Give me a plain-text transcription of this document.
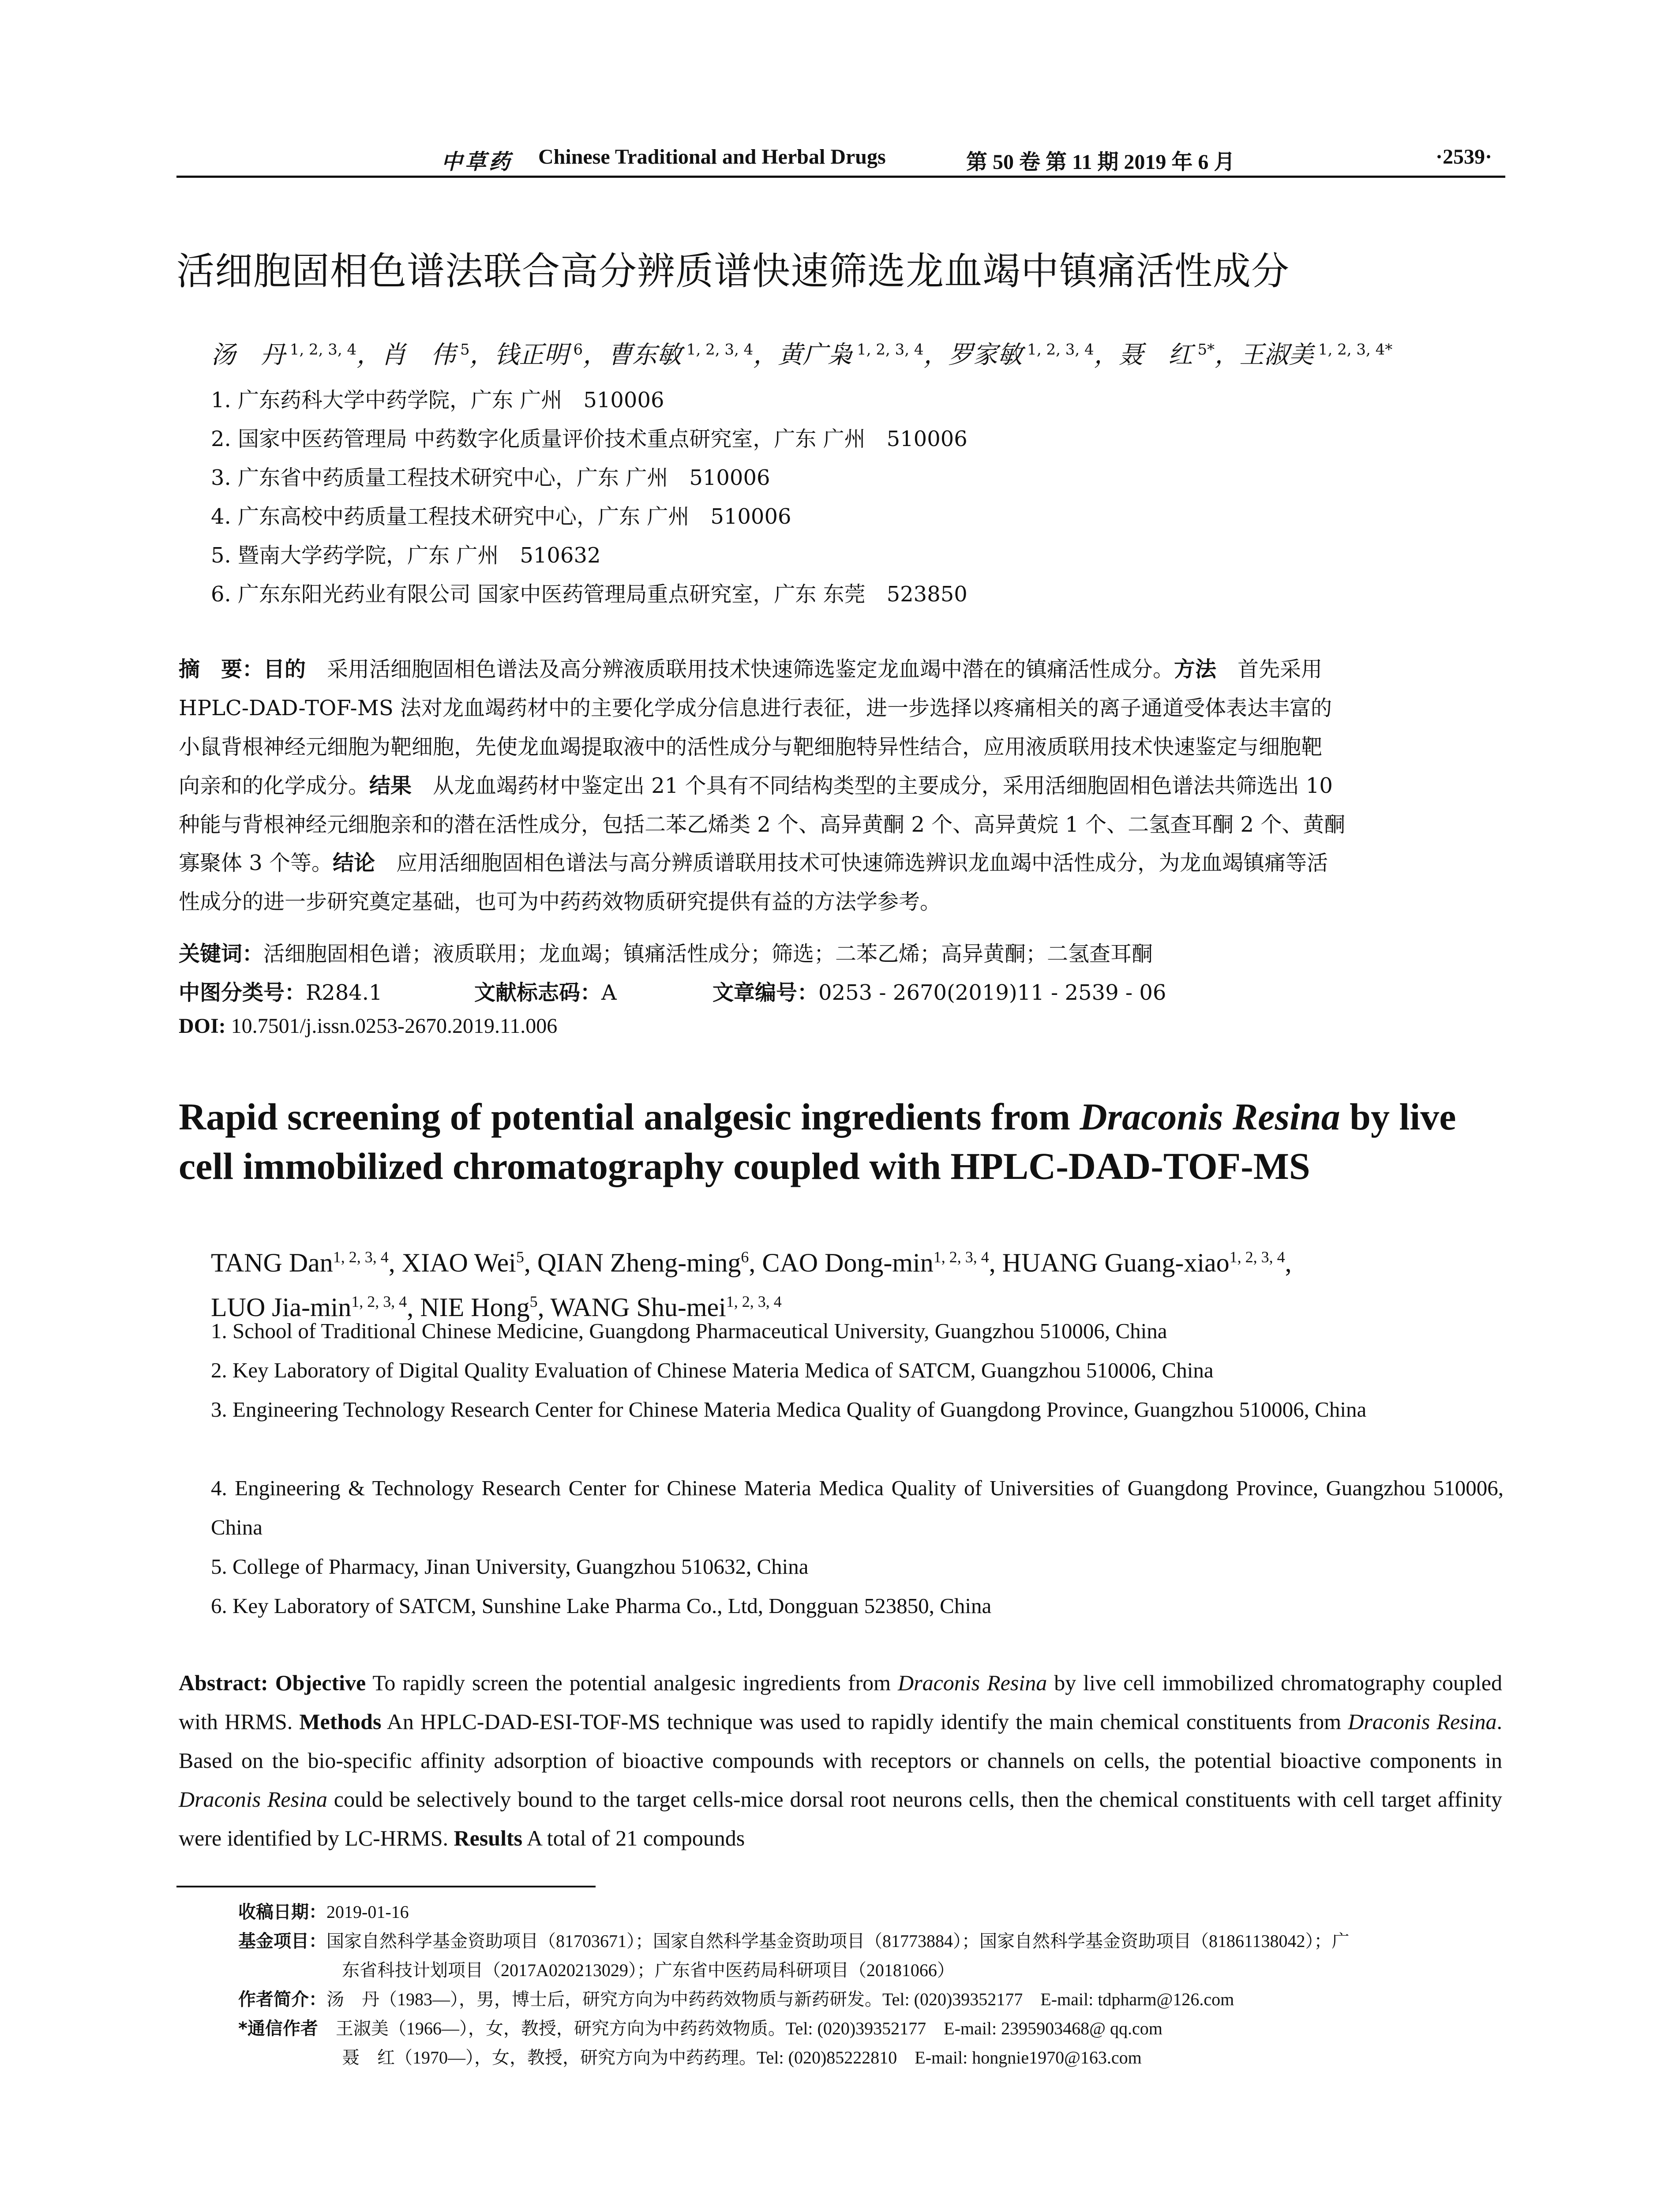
中草药 Chinese Traditional and Herbal Drugs	第 50 卷 第 11 期 2019 年 6 月	·2539·
活细胞固相色谱法联合高分辨质谱快速筛选龙血竭中镇痛活性成分
汤　丹 $^{1, 2, 3, 4}$，肖　伟 $^5$，钱正明 $^6$，曹东敏 $^{1, 2, 3, 4}$，黄广枭 $^{1, 2, 3, 4}$，罗家敏 $^{1, 2, 3, 4}$，聂　红 $^{5*}$，王淑美 $^{1, 2, 3, 4*}$
1. 广东药科大学中药学院，广东 广州　510006
2. 国家中医药管理局 中药数字化质量评价技术重点研究室，广东 广州　510006
3. 广东省中药质量工程技术研究中心，广东 广州　510006
4. 广东高校中药质量工程技术研究中心，广东 广州　510006
5. 暨南大学药学院，广东 广州　510632
6. 广东东阳光药业有限公司 国家中医药管理局重点研究室，广东 东莞　523850
摘　要：目的　采用活细胞固相色谱法及高分辨液质联用技术快速筛选鉴定龙血竭中潜在的镇痛活性成分。方法　首先采用
HPLC-DAD-TOF-MS 法对龙血竭药材中的主要化学成分信息进行表征，进一步选择以疼痛相关的离子通道受体表达丰富的
小鼠背根神经元细胞为靶细胞，先使龙血竭提取液中的活性成分与靶细胞特异性结合，应用液质联用技术快速鉴定与细胞靶
向亲和的化学成分。结果　从龙血竭药材中鉴定出 21 个具有不同结构类型的主要成分，采用活细胞固相色谱法共筛选出 10
种能与背根神经元细胞亲和的潜在活性成分，包括二苯乙烯类 2 个、高异黄酮 2 个、高异黄烷 1 个、二氢查耳酮 2 个、黄酮
寡聚体 3 个等。结论　应用活细胞固相色谱法与高分辨质谱联用技术可快速筛选辨识龙血竭中活性成分，为龙血竭镇痛等活
性成分的进一步研究奠定基础，也可为中药药效物质研究提供有益的方法学参考。
关键词：活细胞固相色谱；液质联用；龙血竭；镇痛活性成分；筛选；二苯乙烯；高异黄酮；二氢查耳酮
中图分类号：R284.1	文献标志码：A	文章编号：0253 - 2670(2019)11 - 2539 - 06
DOI: 10.7501/j.issn.0253-2670.2019.11.006
Rapid screening of potential analgesic ingredients from Draconis Resina by live cell immobilized chromatography coupled with HPLC-DAD-TOF-MS
TANG Dan$^{1, 2, 3, 4}$, XIAO Wei$^5$, QIAN Zheng-ming$^6$, CAO Dong-$\min^{1, 2, 3, 4}$, HUANG Guang-xiao$^{1, 2, 3, 4}$,
LUO Jia-$\min^{1, 2, 3, 4}$, NIE Hong$^5$, WANG Shu-mei$^{1, 2, 3, 4}$
1. School of Traditional Chinese Medicine, Guangdong Pharmaceutical University, Guangzhou 510006, China
2. Key Laboratory of Digital Quality Evaluation of Chinese Materia Medica of SATCM, Guangzhou 510006, China
3. Engineering Technology Research Center for Chinese Materia Medica Quality of Guangdong Province, Guangzhou 510006, China
4. Engineering & Technology Research Center for Chinese Materia Medica Quality of Universities of Guangdong Province, Guangzhou 510006, China
5. College of Pharmacy, Jinan University, Guangzhou 510632, China
6. Key Laboratory of SATCM, Sunshine Lake Pharma Co., Ltd, Dongguan 523850, China
Abstract: Objective To rapidly screen the potential analgesic ingredients from Draconis Resina by live cell immobilized chromatography coupled with HRMS. Methods An HPLC-DAD-ESI-TOF-MS technique was used to rapidly identify the main chemical constituents from Draconis Resina. Based on the bio-specific affinity adsorption of bioactive compounds with receptors or channels on cells, the potential bioactive components in Draconis Resina could be selectively bound to the target cells-mice dorsal root neurons cells, then the chemical constituents with cell target affinity were identified by LC-HRMS. Results A total of 21 compounds
收稿日期：2019-01-16
基金项目：国家自然科学基金资助项目（81703671）；国家自然科学基金资助项目（81773884）；国家自然科学基金资助项目（81861138042）；广
东省科技计划项目（2017A020213029）；广东省中医药局科研项目（20181066）
作者简介：汤　丹（1983—），男，博士后，研究方向为中药药效物质与新药研发。Tel: (020)39352177　E-mail: tdpharm@126.com
*通信作者　王淑美（1966—），女，教授，研究方向为中药药效物质。Tel: (020)39352177　E-mail: 2395903468@ qq.com
聂　红（1970—），女，教授，研究方向为中药药理。Tel: (020)85222810　E-mail: hongnie1970@163.com
